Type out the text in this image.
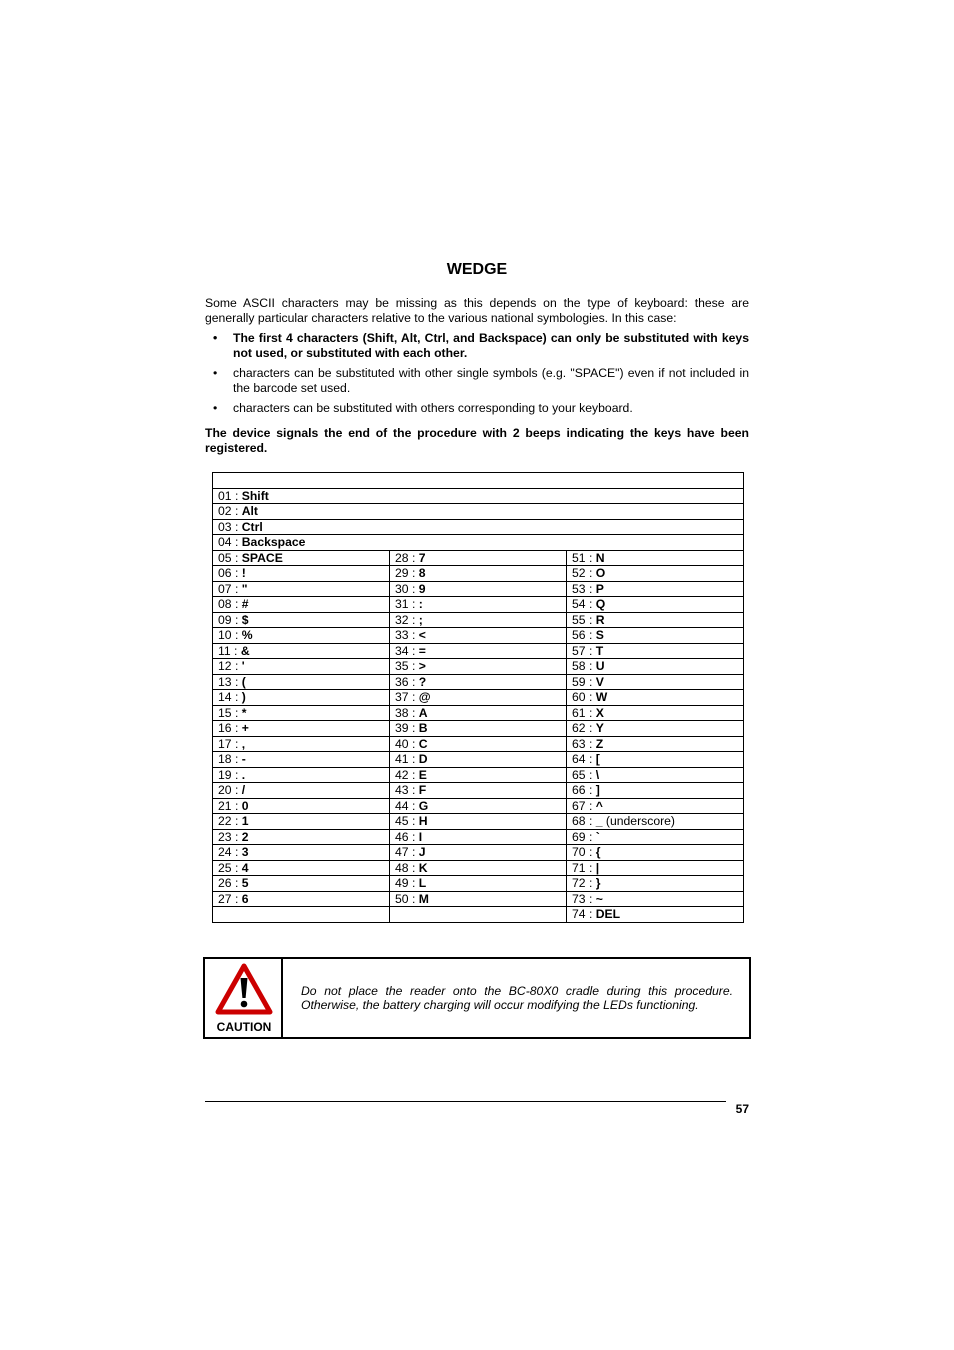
WEDGE

Some ASCII characters may be missing as this depends on the type of keyboard: these are generally particular characters relative to the various national symbologies. In this case:

• The first 4 characters (Shift, Alt, Ctrl, and Backspace) can only be substituted with keys not used, or substituted with each other.
• characters can be substituted with other single symbols (e.g. "SPACE") even if not included in the barcode set used.
• characters can be substituted with others corresponding to your keyboard.

The device signals the end of the procedure with 2 beeps indicating the keys have been registered.

01 : Shift		
02 : Alt		
03 : Ctrl		
04 : Backspace		
05 : SPACE	28 : 7	51 : N
06 : !	29 : 8	52 : O
07 : "	30 : 9	53 : P
08 : #	31 : :	54 : Q
09 : $	32 : ;	55 : R
10 : %	33 : <	56 : S
11 : &	34 : =	57 : T
12 : '	35 : >	58 : U
13 : (	36 : ?	59 : V
14 : )	37 : @	60 : W
15 : *	38 : A	61 : X
16 : +	39 : B	62 : Y
17 : ,	40 : C	63 : Z
18 : -	41 : D	64 : [
19 : .	42 : E	65 : \
20 : /	43 : F	66 : ]
21 : 0	44 : G	67 : ^
22 : 1	45 : H	68 : _ (underscore)
23 : 2	46 : I	69 : `
24 : 3	47 : J	70 : {
25 : 4	48 : K	71 : |
26 : 5	49 : L	72 : }
27 : 6	50 : M	73 : ~
		74 : DEL
CAUTION

Do not place the reader onto the BC-80X0 cradle during this procedure. Otherwise, the battery charging will occur modifying the LEDs functioning.

57
